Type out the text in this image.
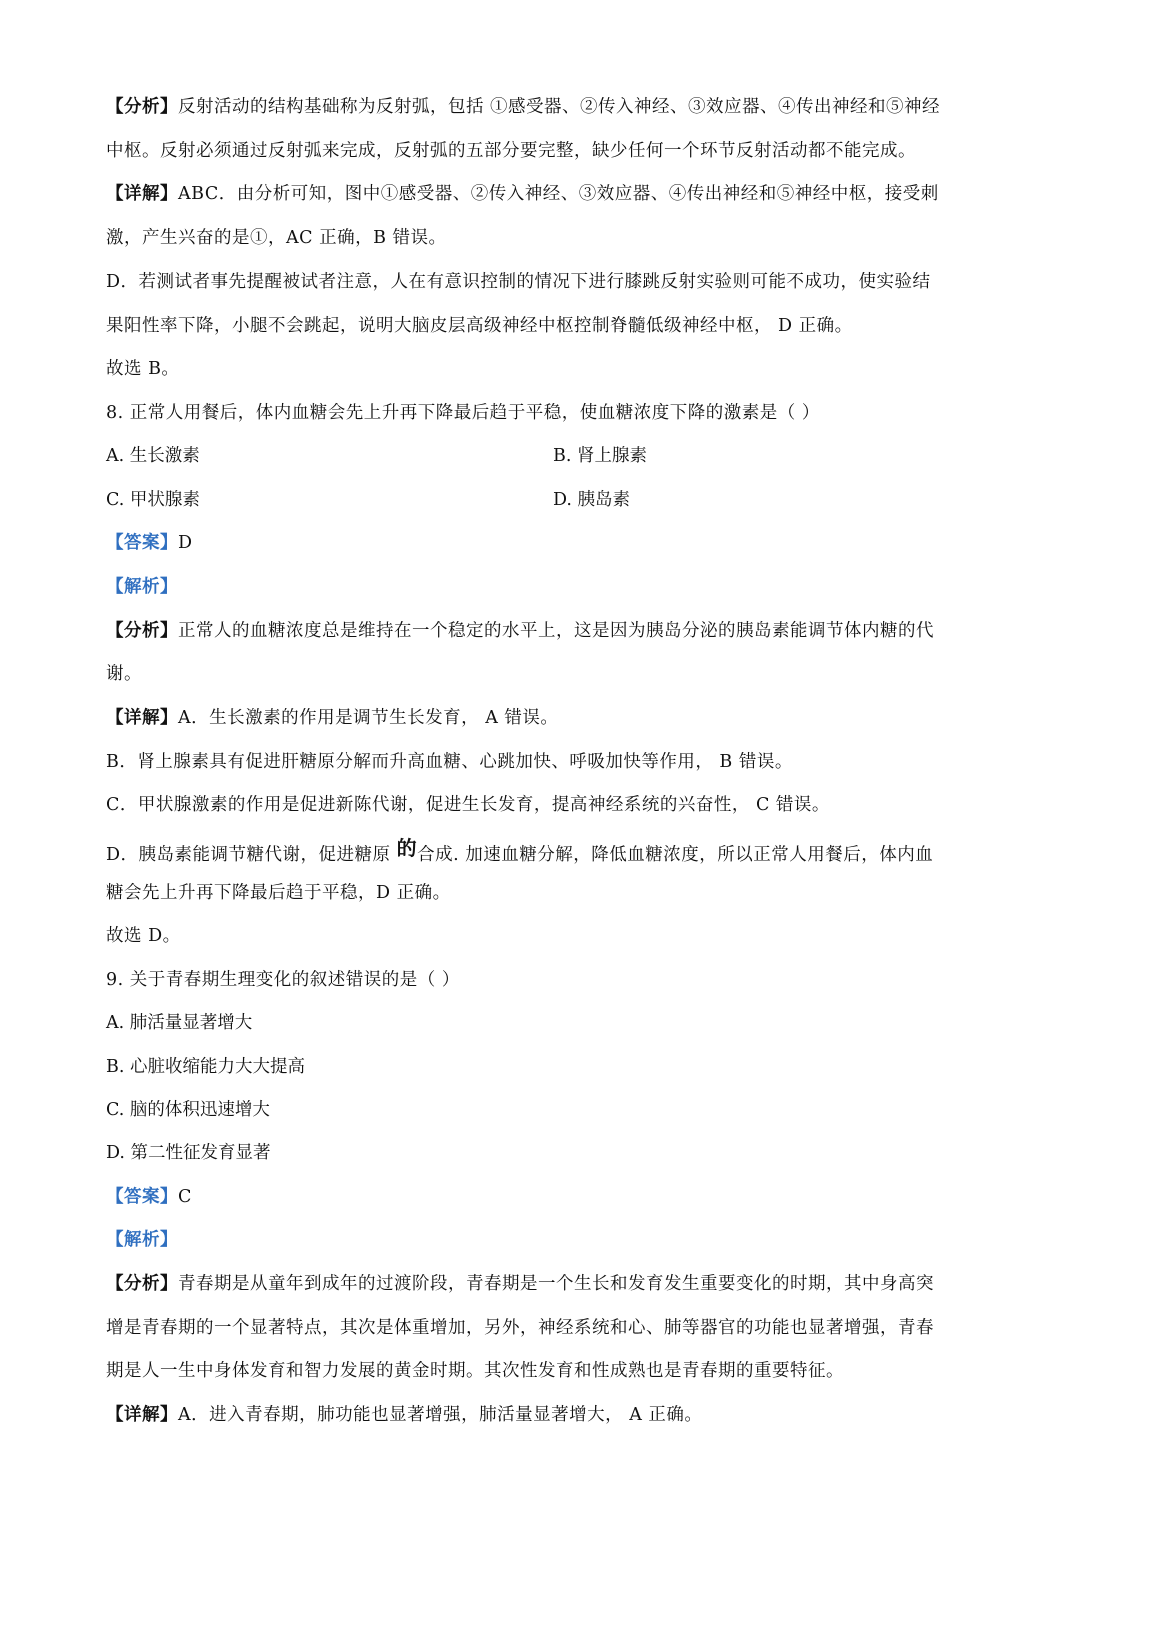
【分析】反射活动的结构基础称为反射弧，包括 ①感受器、②传入神经、③效应器、④传出神经和⑤神经
中枢。反射必须通过反射弧来完成，反射弧的五部分要完整，缺少任何一个环节反射活动都不能完成。
【详解】ABC．由分析可知，图中①感受器、②传入神经、③效应器、④传出神经和⑤神经中枢，接受刺
激，产生兴奋的是①，AC 正确，B 错误。
D．若测试者事先提醒被试者注意，人在有意识控制的情况下进行膝跳反射实验则可能不成功，使实验结
果阳性率下降，小腿不会跳起，说明大脑皮层高级神经中枢控制脊髓低级神经中枢， D 正确。
故选 B。
8. 正常人用餐后，体内血糖会先上升再下降最后趋于平稳，使血糖浓度下降的激素是（ ）
A. 生长激素	B. 肾上腺素
C. 甲状腺素	D. 胰岛素
【答案】D
【解析】
【分析】正常人的血糖浓度总是维持在一个稳定的水平上，这是因为胰岛分泌的胰岛素能调节体内糖的代
谢。
【详解】A．生长激素的作用是调节生长发育， A 错误。
B．肾上腺素具有促进肝糖原分解而升高血糖、心跳加快、呼吸加快等作用， B 错误。
C．甲状腺激素的作用是促进新陈代谢，促进生长发育，提高神经系统的兴奋性， C 错误。
D．胰岛素能调节糖代谢，促进糖原 的合成. 加速血糖分解，降低血糖浓度，所以正常人用餐后，体内血
糖会先上升再下降最后趋于平稳，D 正确。
故选 D。
9. 关于青春期生理变化的叙述错误的是（ ）
A. 肺活量显著增大
B. 心脏收缩能力大大提高
C. 脑的体积迅速增大
D. 第二性征发育显著
【答案】C
【解析】
【分析】青春期是从童年到成年的过渡阶段，青春期是一个生长和发育发生重要变化的时期，其中身高突
增是青春期的一个显著特点，其次是体重增加，另外，神经系统和心、肺等器官的功能也显著增强，青春
期是人一生中身体发育和智力发展的黄金时期。其次性发育和性成熟也是青春期的重要特征。
【详解】A．进入青春期，肺功能也显著增强，肺活量显著增大， A 正确。
